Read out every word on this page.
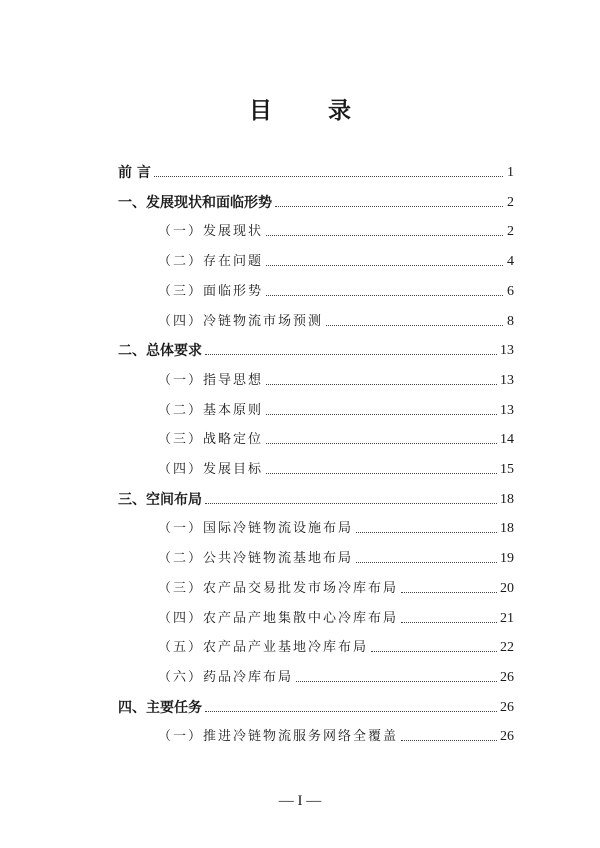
目 录
前 言	1
一、发展现状和面临形势	2
（一）发展现状	2
（二）存在问题	4
（三）面临形势	6
（四）冷链物流市场预测	8
二、总体要求	13
（一）指导思想	13
（二）基本原则	13
（三）战略定位	14
（四）发展目标	15
三、空间布局	18
（一）国际冷链物流设施布局	18
（二）公共冷链物流基地布局	19
（三）农产品交易批发市场冷库布局	20
（四）农产品产地集散中心冷库布局	21
（五）农产品产业基地冷库布局	22
（六）药品冷库布局	26
四、主要任务	26
（一）推进冷链物流服务网络全覆盖	26
— I —
